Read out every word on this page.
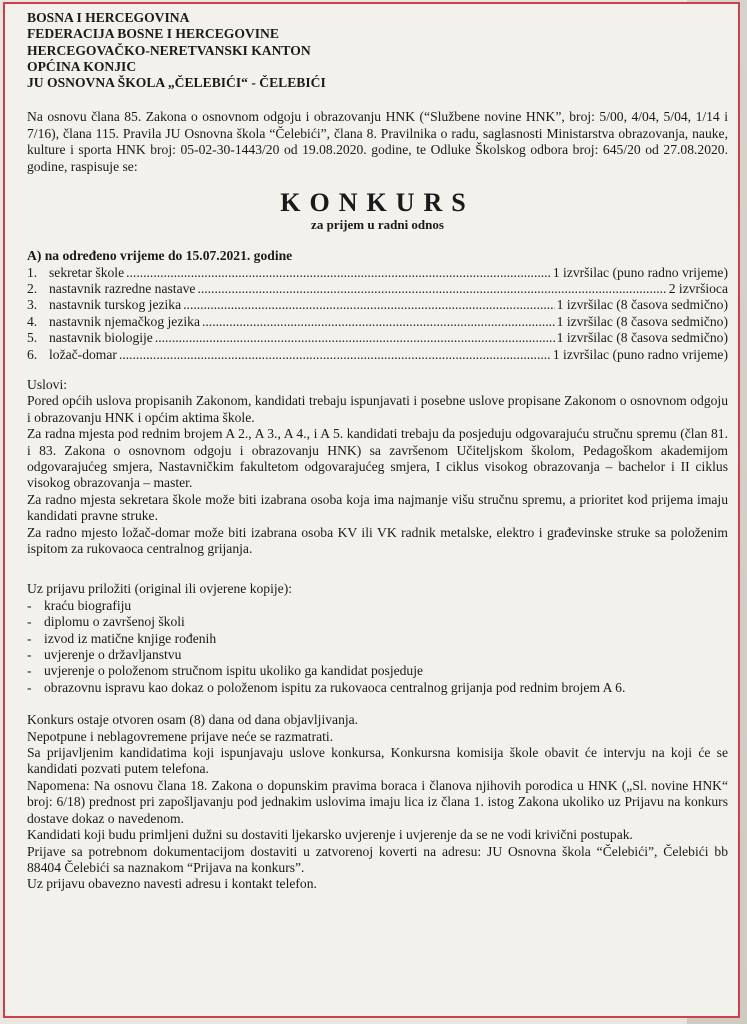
BOSNA I HERCEGOVINA
FEDERACIJA BOSNE I HERCEGOVINE
HERCEGOVAČKO-NERETVANSKI KANTON
OPĆINA KONJIC
JU OSNOVNA ŠKOLA „ČELEBIĆI“ - ČELEBIĆI
Na osnovu člana 85. Zakona o osnovnom odgoju i obrazovanju HNK (“Službene novine HNK”, broj: 5/00, 4/04, 5/04, 1/14 i 7/16), člana 115. Pravila JU Osnovna škola “Čelebići”, člana 8. Pravilnika o radu, saglasnosti Ministarstva obrazovanja, nauke, kulture i sporta HNK broj: 05-02-30-1443/20 od 19.08.2020. godine, te Odluke Školskog odbora broj: 645/20 od 27.08.2020. godine, raspisuje se:
KONKURS
za prijem u radni odnos
A) na određeno vrijeme do 15.07.2021. godine
1. sekretar škole .....	1 izvršilac (puno radno vrijeme)
2. nastavnik razredne nastave .....	2 izvršioca
3. nastavnik turskog jezika .....	1 izvršilac (8 časova sedmično)
4. nastavnik njemačkog jezika .....	1 izvršilac (8 časova sedmično)
5. nastavnik biologije .....	1 izvršilac (8 časova sedmično)
6. ložač-domar .....	1 izvršilac (puno radno vrijeme)

Uslovi:

Pored općih uslova propisanih Zakonom, kandidati trebaju ispunjavati i posebne uslove propisane Zakonom o osnovnom odgoju i obrazovanju HNK i općim aktima škole.

Za radna mjesta pod rednim brojem A 2., A 3., A 4., i A 5. kandidati trebaju da posjeduju odgovarajuću stručnu spremu (član 81. i 83. Zakona o osnovnom odgoju i obrazovanju HNK) sa završenom Učiteljskom školom, Pedagoškom akademijom odgovarajućeg smjera, Nastavničkim fakultetom odgovarajućeg smjera, I ciklus visokog obrazovanja – bachelor i II ciklus visokog obrazovanja – master.

Za radno mjesta sekretara škole može biti izabrana osoba koja ima najmanje višu stručnu spremu, a prioritet kod prijema imaju kandidati pravne struke.

Za radno mjesto ložač-domar može biti izabrana osoba KV ili VK radnik metalske, elektro i građevinske struke sa položenim ispitom za rukovaoca centralnog grijanja.

Uz prijavu priložiti (original ili ovjerene kopije):

- kraću biografiju
- diplomu o završenoj školi
- izvod iz matične knjige rođenih
- uvjerenje o državljanstvu
- uvjerenje o položenom stručnom ispitu ukoliko ga kandidat posjeduje
- obrazovnu ispravu kao dokaz o položenom ispitu za rukovaoca centralnog grijanja pod rednim brojem A 6.

Konkurs ostaje otvoren osam (8) dana od dana objavljivanja.

Nepotpune i neblagovremene prijave neće se razmatrati.

Sa prijavljenim kandidatima koji ispunjavaju uslove konkursa, Konkursna komisija škole obavit će intervju na koji će se kandidati pozvati putem telefona.

Napomena: Na osnovu člana 18. Zakona o dopunskim pravima boraca i članova njihovih porodica u HNK („Sl. novine HNK“ broj: 6/18) prednost pri zapošljavanju pod jednakim uslovima imaju lica iz člana 1. istog Zakona ukoliko uz Prijavu na konkurs dostave dokaz o navedenom.

Kandidati koji budu primljeni dužni su dostaviti ljekarsko uvjerenje i uvjerenje da se ne vodi krivični postupak.

Prijave sa potrebnom dokumentacijom dostaviti u zatvorenoj koverti na adresu: JU Osnovna škola “Čelebići”, Čelebići bb 88404 Čelebići sa naznakom “Prijava na konkurs”.

Uz prijavu obavezno navesti adresu i kontakt telefon.
